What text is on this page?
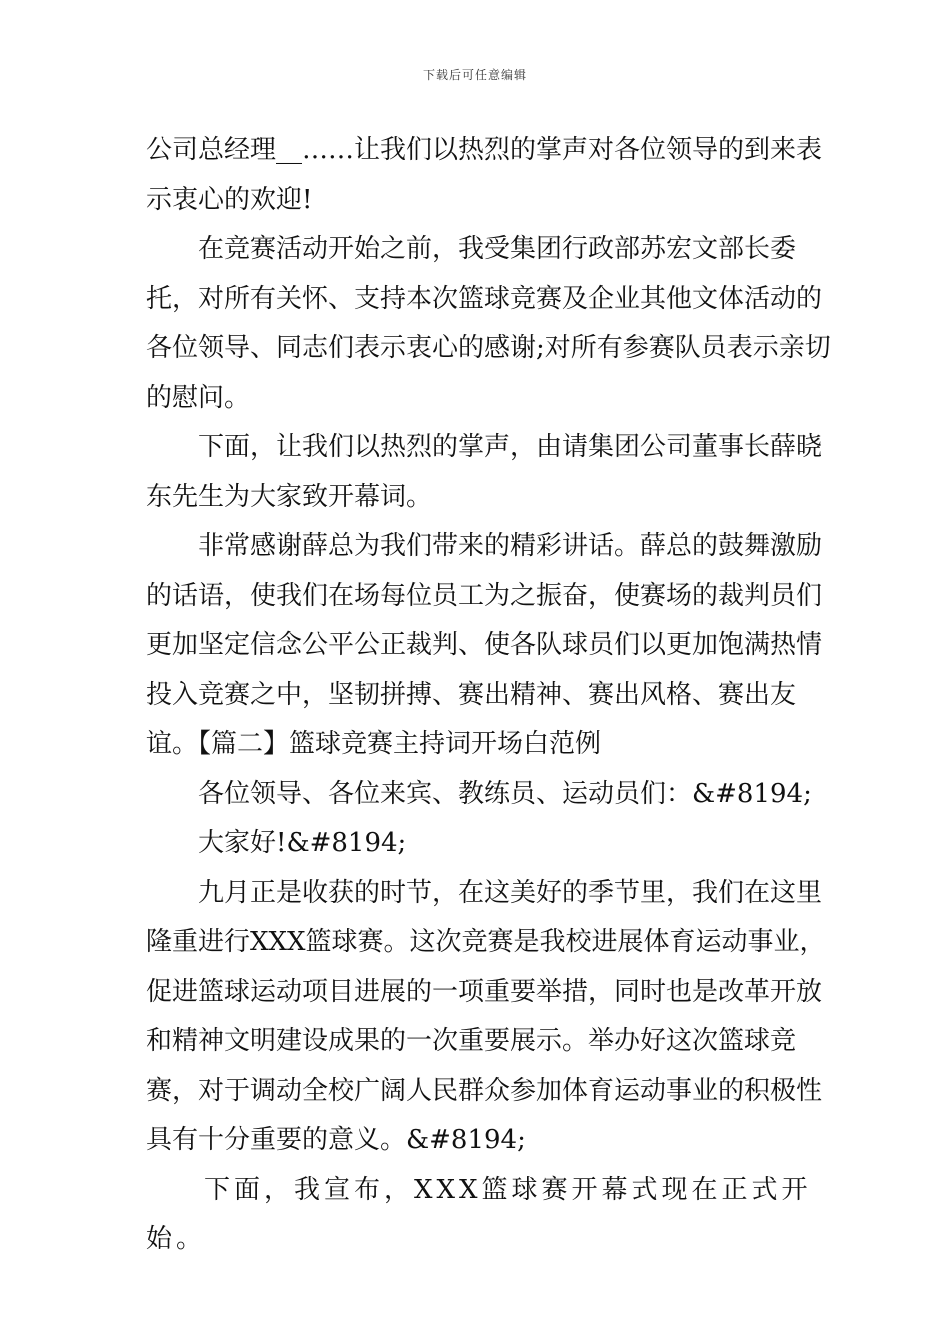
下载后可任意编辑

公司总经理__……让我们以热烈的掌声对各位领导的到来表示衷心的欢迎!

在竞赛活动开始之前，我受集团行政部苏宏文部长委托，对所有关怀、支持本次篮球竞赛及企业其他文体活动的各位领导、同志们表示衷心的感谢;对所有参赛队员表示亲切的慰问。

下面，让我们以热烈的掌声，由请集团公司董事长薛晓东先生为大家致开幕词。

非常感谢薛总为我们带来的精彩讲话。薛总的鼓舞激励的话语，使我们在场每位员工为之振奋，使赛场的裁判员们更加坚定信念公平公正裁判、使各队球员们以更加饱满热情投入竞赛之中，坚韧拼搏、赛出精神、赛出风格、赛出友谊。【篇二】篮球竞赛主持词开场白范例

各位领导、各位来宾、教练员、运动员们：&#8194;

大家好!&#8194;

九月正是收获的时节，在这美好的季节里，我们在这里隆重进行XXX篮球赛。这次竞赛是我校进展体育运动事业，促进篮球运动项目进展的一项重要举措，同时也是改革开放和精神文明建设成果的一次重要展示。举办好这次篮球竞赛，对于调动全校广阔人民群众参加体育运动事业的积极性具有十分重要的意义。&#8194;

下面，我宣布，XXX篮球赛开幕式现在正式开始。
